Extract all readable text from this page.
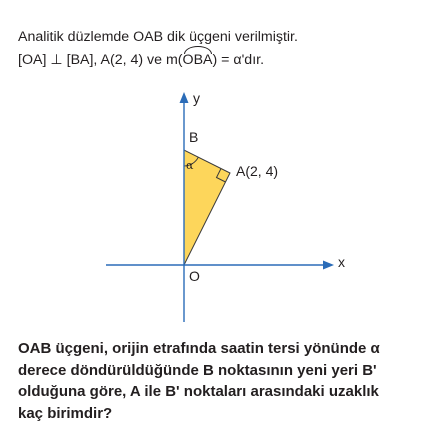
Analitik düzlemde OAB dik üçgeni verilmiştir.
[OA] ⊥ [BA], A(2, 4) ve m(OBA) = α'dır.
y
x
B
A(2, 4)
O
α
OAB üçgeni, orijin etrafında saatin tersi yönünde α
derece döndürüldüğünde B noktasının yeni yeri B'
olduğuna göre, A ile B' noktaları arasındaki uzaklık
kaç birimdir?
